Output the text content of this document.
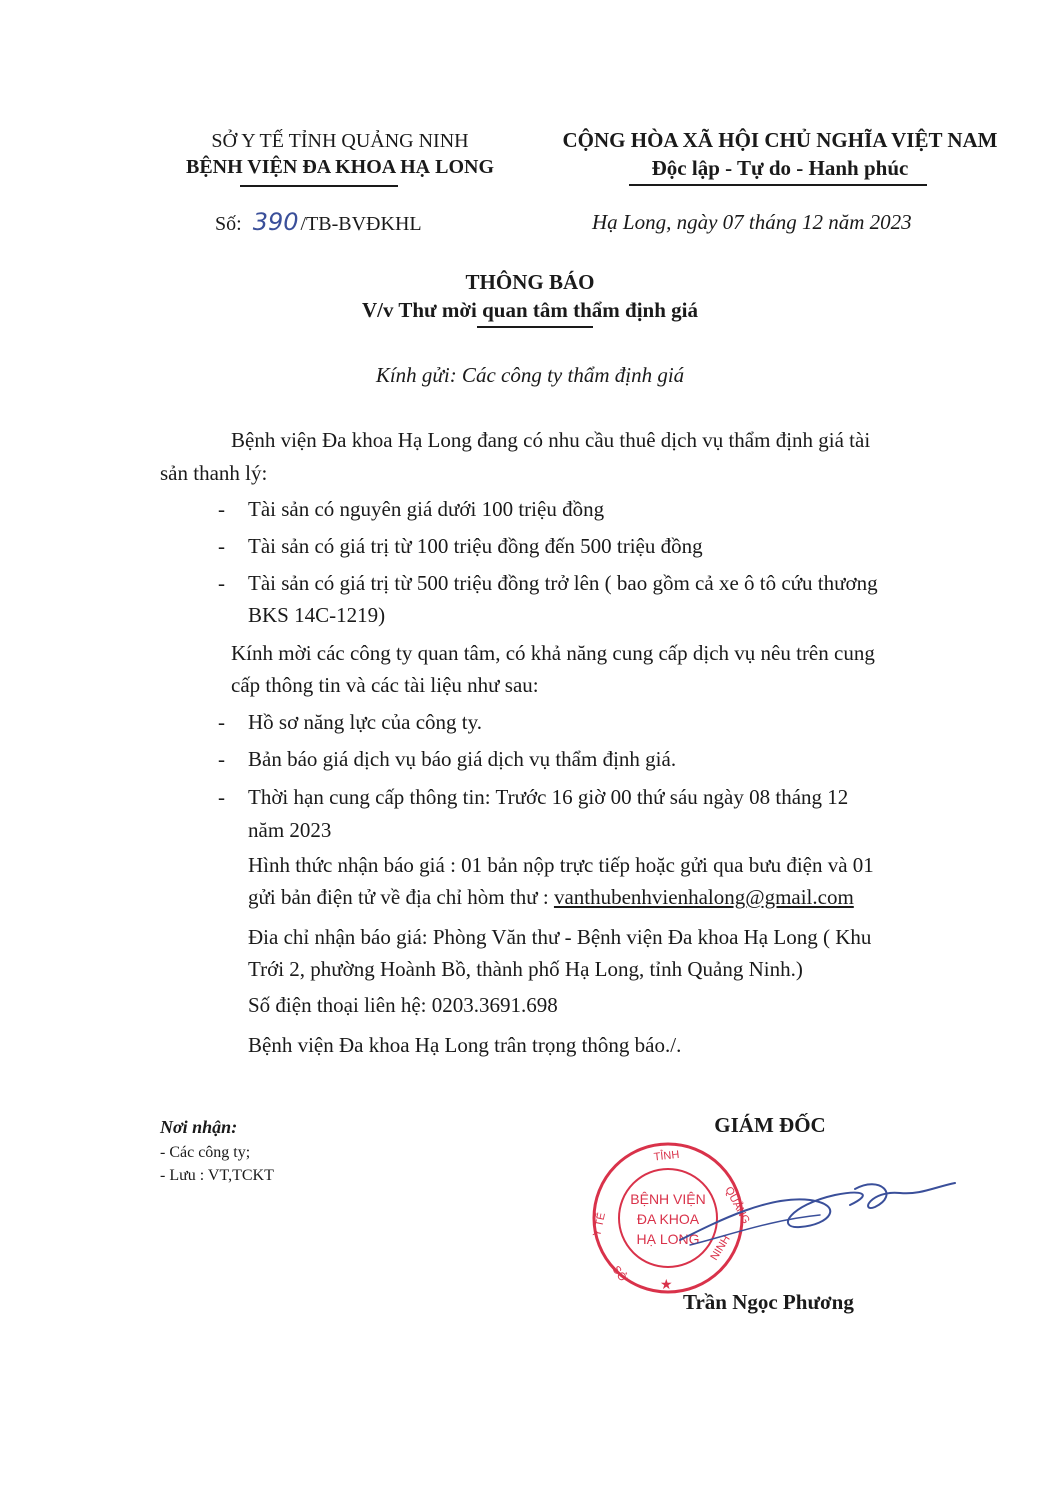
SỞ Y TẾ TỈNH QUẢNG NINH
BỆNH VIỆN ĐA KHOA HẠ LONG
CỘNG HÒA XÃ HỘI CHỦ NGHĨA VIỆT NAM
Độc lập - Tự do - Hanh phúc
Số: 390 /TB-BVĐKHL	Hạ Long, ngày 07 tháng 12 năm 2023
THÔNG BÁO
V/v Thư mời quan tâm thẩm định giá
Kính gửi: Các công ty thẩm định giá
Bệnh viện Đa khoa Hạ Long đang có nhu cầu thuê dịch vụ thẩm định giá tài
sản thanh lý:
- Tài sản có nguyên giá dưới 100 triệu đồng
- Tài sản có giá trị từ 100 triệu đồng đến 500 triệu đồng
- Tài sản có giá trị từ 500 triệu đồng trở lên ( bao gồm cả xe ô tô cứu thương
BKS 14C-1219)
Kính mời các công ty quan tâm, có khả năng cung cấp dịch vụ nêu trên cung
cấp thông tin và các tài liệu như sau:
- Hồ sơ năng lực của công ty.
- Bản báo giá dịch vụ báo giá dịch vụ thẩm định giá.
- Thời hạn cung cấp thông tin: Trước 16 giờ 00 thứ sáu ngày 08 tháng 12
năm 2023
Hình thức nhận báo giá : 01 bản nộp trực tiếp hoặc gửi qua bưu điện và 01
gửi bản điện tử về địa chỉ hòm thư : vanthubenhvienhalong@gmail.com
Đia chỉ nhận báo giá: Phòng Văn thư - Bệnh viện Đa khoa Hạ Long ( Khu
Trới 2, phường Hoành Bồ, thành phố Hạ Long, tỉnh Quảng Ninh.)
Số điện thoại liên hệ: 0203.3691.698
Bệnh viện Đa khoa Hạ Long trân trọng thông báo./.
Nơi nhận:
- Các công ty;
- Lưu : VT,TCKT
GIÁM ĐỐC
TỈNH
QUẢNG
NINH
Y TẾ
SỞ ★
BỆNH VIỆN
ĐA KHOA
HẠ LONG
Trần Ngọc Phương
